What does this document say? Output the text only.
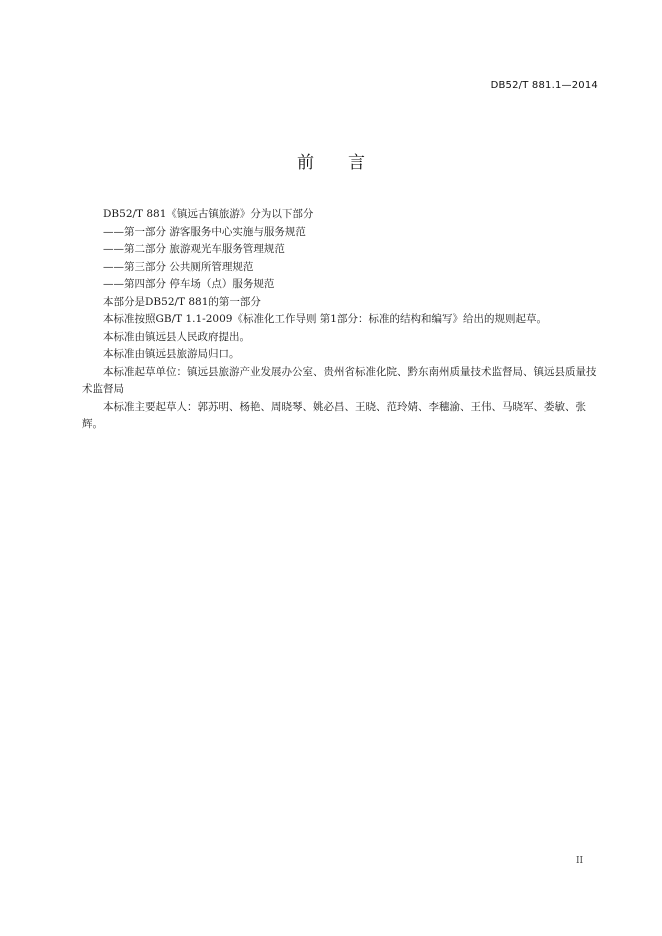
DB52/T 881.1—2014
前言

DB52/T 881《镇远古镇旅游》分为以下部分

——第一部分 游客服务中心实施与服务规范

——第二部分 旅游观光车服务管理规范

——第三部分 公共厕所管理规范

——第四部分 停车场（点）服务规范

本部分是DB52/T 881的第一部分

本标准按照GB/T 1.1-2009《标准化工作导则 第1部分：标准的结构和编写》给出的规则起草。

本标准由镇远县人民政府提出。

本标准由镇远县旅游局归口。

本标准起草单位：镇远县旅游产业发展办公室、贵州省标准化院、黔东南州质量技术监督局、镇远县质量技术监督局

本标准主要起草人：郭苏明、杨艳、周晓琴、姚必昌、王晓、范玲婧、李穗渝、王伟、马晓军、娄敏、张辉。

II
